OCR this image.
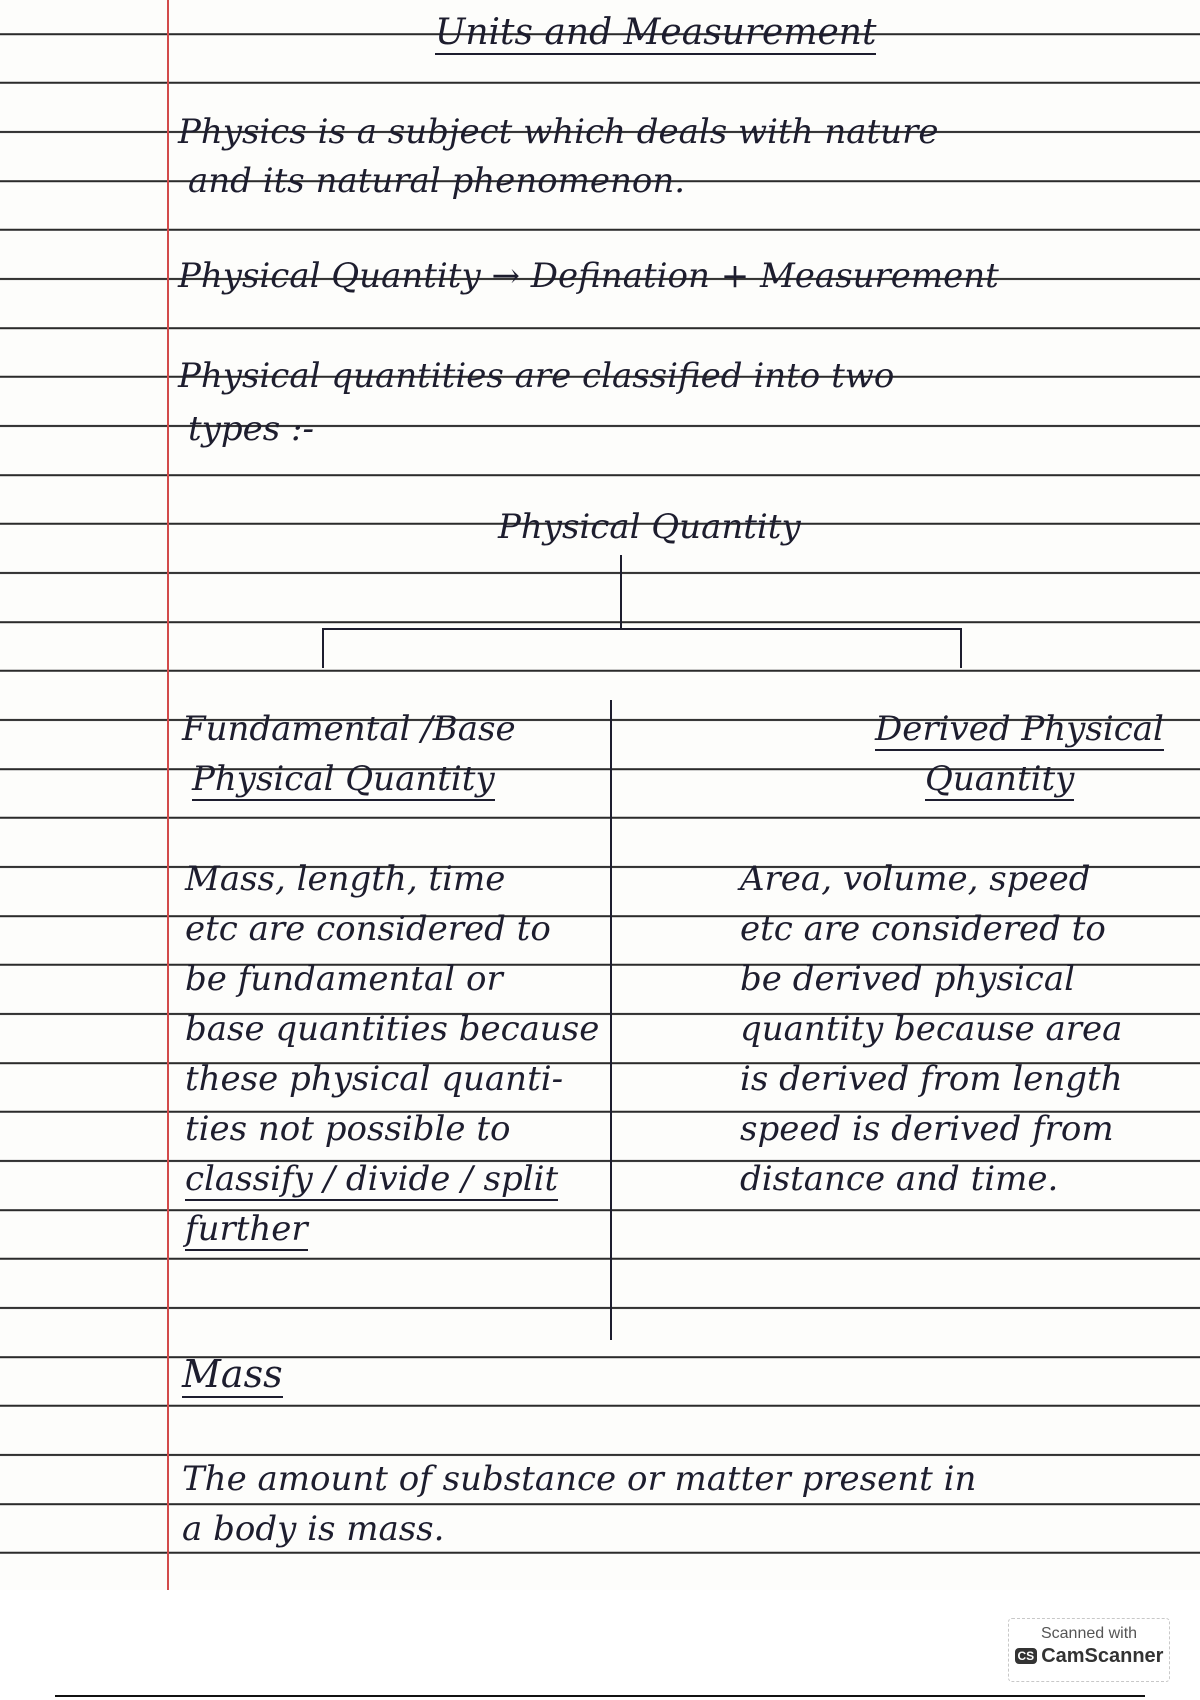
Units and Measurement
Physics is a subject which deals with nature
and its natural phenomenon.
Physical Quantity → Defination + Measurement
Physical quantities are classified into two
types :-
Physical Quantity
Fundamental /Base
Physical Quantity
Derived Physical
Quantity
Mass, length, time
etc are considered to
be fundamental or
base quantities because
these physical quanti-
ties not possible to
classify / divide / split
further
Area, volume, speed
etc are considered to
be derived physical
quantity because area
is derived from length
speed is derived from
distance and time.
Mass
The amount of substance or matter present in
a body is mass.
Scanned with
CS CamScanner
